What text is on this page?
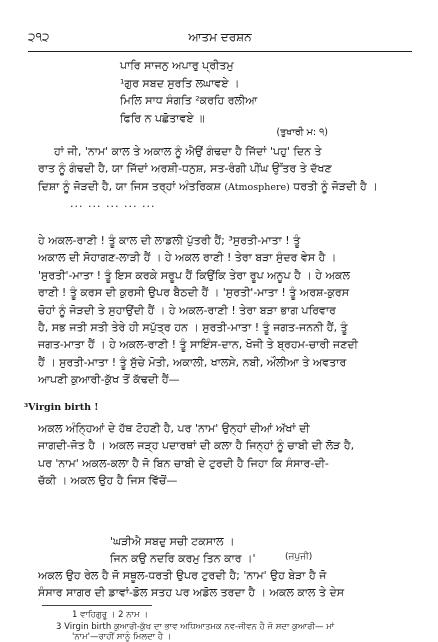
੨੧੨	ਆਤਮ ਦਰਸ਼ਨ
ਪਾਰਿ ਸਾਜਨੁ ਅਪਾਰੁ ਪ੍ਰੀਤਮੁ
¹ਗੁਰ ਸਬਦ ਸੁਰਤਿ ਲਘਾਵਏ ।
ਮਿਲਿ ਸਾਧ ਸੰਗਤਿ ²ਕਰਹਿ ਰਲੀਆ
ਫਿਰਿ ਨ ਪਛੋਤਾਵਏ ॥
(ਤੁਖਾਰੀ ਮ: ੧)
ਹਾਂ ਜੀ, 'ਨਾਮ' ਕਾਲ ਤੇ ਅਕਾਲ ਨੂੰ ਐਉਂ ਗੰਢਦਾ ਹੈ ਜਿੱਦਾਂ 'ਪਹੁ' ਦਿਨ ਤੇ
ਰਾਤ ਨੂੰ ਗੰਢਦੀ ਹੈ, ਯਾ ਜਿੱਦਾਂ ਅਰਸ਼ੀ-ਧਨੁਸ਼, ਸਤ-ਰੰਗੀ ਪੀਂਘ ਉੱਤਰ ਤੇ ਦੱਖਣ
ਦਿਸ਼ਾ ਨੂੰ ਜੋੜਦੀ ਹੈ, ਯਾ ਜਿਸ ਤਰ੍ਹਾਂ ਅੰਤਰਿਕਸ਼ (Atmosphere) ਧਰਤੀ ਨੂੰ ਜੋੜਦੀ ਹੈ ।
... ... ... ... ...
ਹੇ ਅਕਲ-ਰਾਣੀ ! ਤੂੰ ਕਾਲ ਦੀ ਲਾਡਲੀ ਪੁੱਤਰੀ ਹੈਂ; ³ਸੁਰਤੀ-ਮਾਤਾ ! ਤੂੰ
ਅਕਾਲ ਦੀ ਸੋਹਾਗਣ-ਲਾੜੀ ਹੈਂ । ਹੇ ਅਕਲ ਰਾਣੀ ! ਤੇਰਾ ਬੜਾ ਸੁੰਦਰ ਵੇਸ ਹੈ ।
'ਸੁਰਤੀ'-ਮਾਤਾ ! ਤੂੰ ਇਸ ਕਰਕੇ ਸਰੂਪ ਹੈਂ ਕਿਉਂਕਿ ਤੇਰਾ ਰੂਪ ਅਨੂਪ ਹੈ । ਹੇ ਅਕਲ
ਰਾਣੀ ! ਤੂੰ ਕਰਸ ਦੀ ਕੁਰਸੀ ਉਪਰ ਬੈਠਦੀ ਹੈਂ । 'ਸੁਰਤੀ'-ਮਾਤਾ ! ਤੂੰ ਅਰਸ਼-ਕੁਰਸ
ਚੋਹਾਂ ਨੂੰ ਜੋੜਦੀ ਤੇ ਸੁਹਾਉਂਦੀ ਹੈਂ । ਹੇ ਅਕਲ-ਰਾਣੀ ! ਤੇਰਾ ਬੜਾ ਭਾਗ ਪਰਿਵਾਰ
ਹੈ, ਸਭ ਜਤੀ ਸਤੀ ਤੇਰੇ ਹੀ ਸਪੁੱਤ੍ਰ ਹਨ । ਸੁਰਤੀ-ਮਾਤਾ ! ਤੂੰ ਜਗਤ-ਜਨਨੀ ਹੈਂ, ਤੂੰ
ਜਗਤ-ਮਾਤਾ ਹੈਂ । ਹੇ ਅਕਲ-ਰਾਣੀ ! ਤੂੰ ਸਾਇੰਸ-ਦਾਨ, ਖੋਜੀ ਤੇ ਬ੍ਰਹਮ-ਚਾਰੀ ਜਣਦੀ
ਹੈਂ । ਸੁਰਤੀ-ਮਾਤਾ ! ਤੂੰ ਸੁੱਚੇ ਮੋਤੀ, ਅਕਾਲੀ, ਖਾਲਸੇ, ਨਬੀ, ਔਲੀਆ ਤੇ ਅਵਤਾਰ
ਆਪਣੀ ਕੁਆਰੀ-ਕੁੱਖ ਤੋਂ ਕੱਢਦੀ ਹੈਂ—
³Virgin birth !
ਅਕਲ ਅੰਨ੍ਹਿਆਂ ਦੇ ਹੱਥ ਟੋਹਣੀ ਹੈ, ਪਰ 'ਨਾਮ' ਉਨ੍ਹਾਂ ਦੀਆਂ ਅੱਖਾਂ ਦੀ
ਜਾਗਦੀ-ਜੋਤ ਹੈ । ਅਕਲ ਜੜ੍ਹ ਪਦਾਰਥਾਂ ਦੀ ਕਲਾ ਹੈ ਜਿਨ੍ਹਾਂ ਨੂੰ ਚਾਬੀ ਦੀ ਲੋੜ ਹੈ,
ਪਰ 'ਨਾਮ' ਅਕਲ-ਕਲਾ ਹੈ ਜੋ ਬਿਨ ਚਾਬੀ ਦੇ ਟੁਰਦੀ ਹੈ ਜਿਹਾ ਕਿ ਸੰਸਾਰ-ਦੀ-
ਚੱਕੀ । ਅਕਲ ਉਹ ਹੈ ਜਿਸ ਵਿੱਚੋਂ—
'ਘੜੀਐ ਸਬਦੁ ਸਚੀ ਟਕਸਾਲ ।
ਜਿਨ ਕਉ ਨਦਰਿ ਕਰਮੁ ਤਿਨ ਕਾਰ ।'	(ਜਪੁਜੀ)
ਅਕਲ ਉਹ ਰੇਲ ਹੈ ਜੋ ਸਥੂਲ-ਧਰਤੀ ਉਪਰ ਟੁਰਦੀ ਹੈ; 'ਨਾਮ' ਉਹ ਬੇੜਾ ਹੈ ਜੋ
ਸੰਸਾਰ ਸਾਗਰ ਦੀ ਡਾਵਾਂ-ਡੋਲ ਸਤਹ ਪਰ ਅਡੋਲ ਤਰਦਾ ਹੈ । ਅਕਲ ਕਾਲ ਤੇ ਦੇਸ
1 ਵਾਹਿਗੁਰੂ । 2 ਨਾਮ ।
3 Virgin birth ਕੁਆਰੀ-ਕੁੱਖ ਦਾ ਭਾਵ ਅਧਿਆਤਮਕ ਨਵ-ਜੀਵਨ ਹੈ ਜੋ ਸਦਾ ਕੁਆਰੀ— ਮਾਂ
'ਨਾਮ'—ਰਾਹੀਂ ਸਾਨੂੰ ਮਿਲਦਾ ਹੈ ।
